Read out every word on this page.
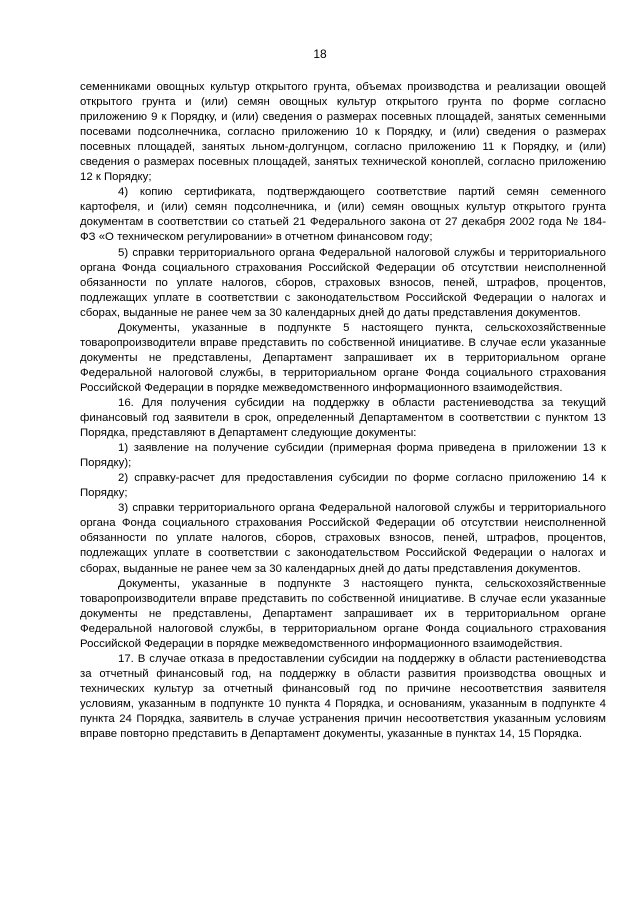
18

семенниками овощных культур открытого грунта, объемах производства и реализации овощей открытого грунта и (или) семян овощных культур открытого грунта по форме согласно приложению 9 к Порядку, и (или) сведения о размерах посевных площадей, занятых семенными посевами подсолнечника, согласно приложению 10 к Порядку, и (или) сведения о размерах посевных площадей, занятых льном-долгунцом, согласно приложению 11 к Порядку, и (или) сведения о размерах посевных площадей, занятых технической коноплей, согласно приложению 12 к Порядку;

4) копию сертификата, подтверждающего соответствие партий семян семенного картофеля, и (или) семян подсолнечника, и (или) семян овощных культур открытого грунта документам в соответствии со статьей 21 Федерального закона от 27 декабря 2002 года № 184-ФЗ «О техническом регулировании» в отчетном финансовом году;

5) справки территориального органа Федеральной налоговой службы и территориального органа Фонда социального страхования Российской Федерации об отсутствии неисполненной обязанности по уплате налогов, сборов, страховых взносов, пеней, штрафов, процентов, подлежащих уплате в соответствии с законодательством Российской Федерации о налогах и сборах, выданные не ранее чем за 30 календарных дней до даты представления документов.

Документы, указанные в подпункте 5 настоящего пункта, сельскохозяйственные товаропроизводители вправе представить по собственной инициативе. В случае если указанные документы не представлены, Департамент запрашивает их в территориальном органе Федеральной налоговой службы, в территориальном органе Фонда социального страхования Российской Федерации в порядке межведомственного информационного взаимодействия.

16. Для получения субсидии на поддержку в области растениеводства за текущий финансовый год заявители в срок, определенный Департаментом в соответствии с пунктом 13 Порядка, представляют в Департамент следующие документы:

1) заявление на получение субсидии (примерная форма приведена в приложении 13 к Порядку);

2) справку-расчет для предоставления субсидии по форме согласно приложению 14 к Порядку;

3) справки территориального органа Федеральной налоговой службы и территориального органа Фонда социального страхования Российской Федерации об отсутствии неисполненной обязанности по уплате налогов, сборов, страховых взносов, пеней, штрафов, процентов, подлежащих уплате в соответствии с законодательством Российской Федерации о налогах и сборах, выданные не ранее чем за 30 календарных дней до даты представления документов.

Документы, указанные в подпункте 3 настоящего пункта, сельскохозяйственные товаропроизводители вправе представить по собственной инициативе. В случае если указанные документы не представлены, Департамент запрашивает их в территориальном органе Федеральной налоговой службы, в территориальном органе Фонда социального страхования Российской Федерации в порядке межведомственного информационного взаимодействия.

17. В случае отказа в предоставлении субсидии на поддержку в области растениеводства за отчетный финансовый год, на поддержку в области развития производства овощных и технических культур за отчетный финансовый год по причине несоответствия заявителя условиям, указанным в подпункте 10 пункта 4 Порядка, и основаниям, указанным в подпункте 4 пункта 24 Порядка, заявитель в случае устранения причин несоответствия указанным условиям вправе повторно представить в Департамент документы, указанные в пунктах 14, 15 Порядка.
